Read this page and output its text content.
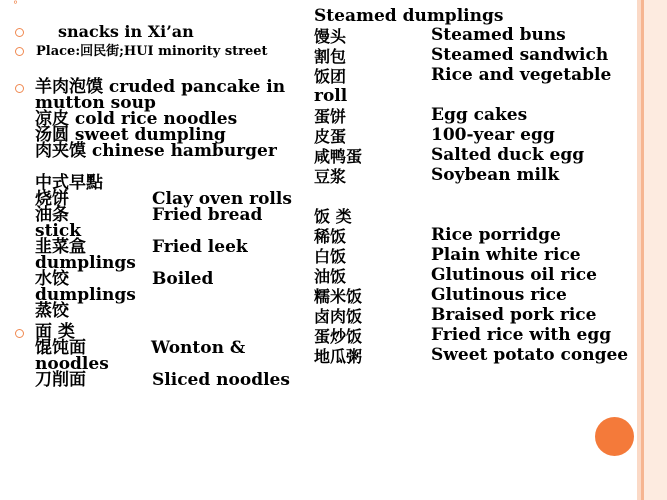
°
snacks in Xi’an
Place:回民街;HUI minority street
羊肉泡馍 cruded pancake in
mutton soup
凉皮 cold rice noodles
汤圆 sweet dumpling
肉夹馍 chinese hamburger
中式早點
烧饼	Clay oven rolls
油条	Fried bread
stick
韭菜盒	Fried leek
dumplings
水饺	Boiled
dumplings
蒸饺
面 类
馄饨面	Wonton &
noodles
刀削面	Sliced noodles
Steamed dumplings
馒头	Steamed buns
割包	Steamed sandwich
饭团	Rice and vegetable
roll
蛋饼	Egg cakes
皮蛋	100-year egg
咸鸭蛋	Salted duck egg
豆浆	Soybean milk
饭 类
稀饭	Rice porridge
白饭	Plain white rice
油饭	Glutinous oil rice
糯米饭	Glutinous rice
卤肉饭	Braised pork rice
蛋炒饭	Fried rice with egg
地瓜粥	Sweet potato congee
